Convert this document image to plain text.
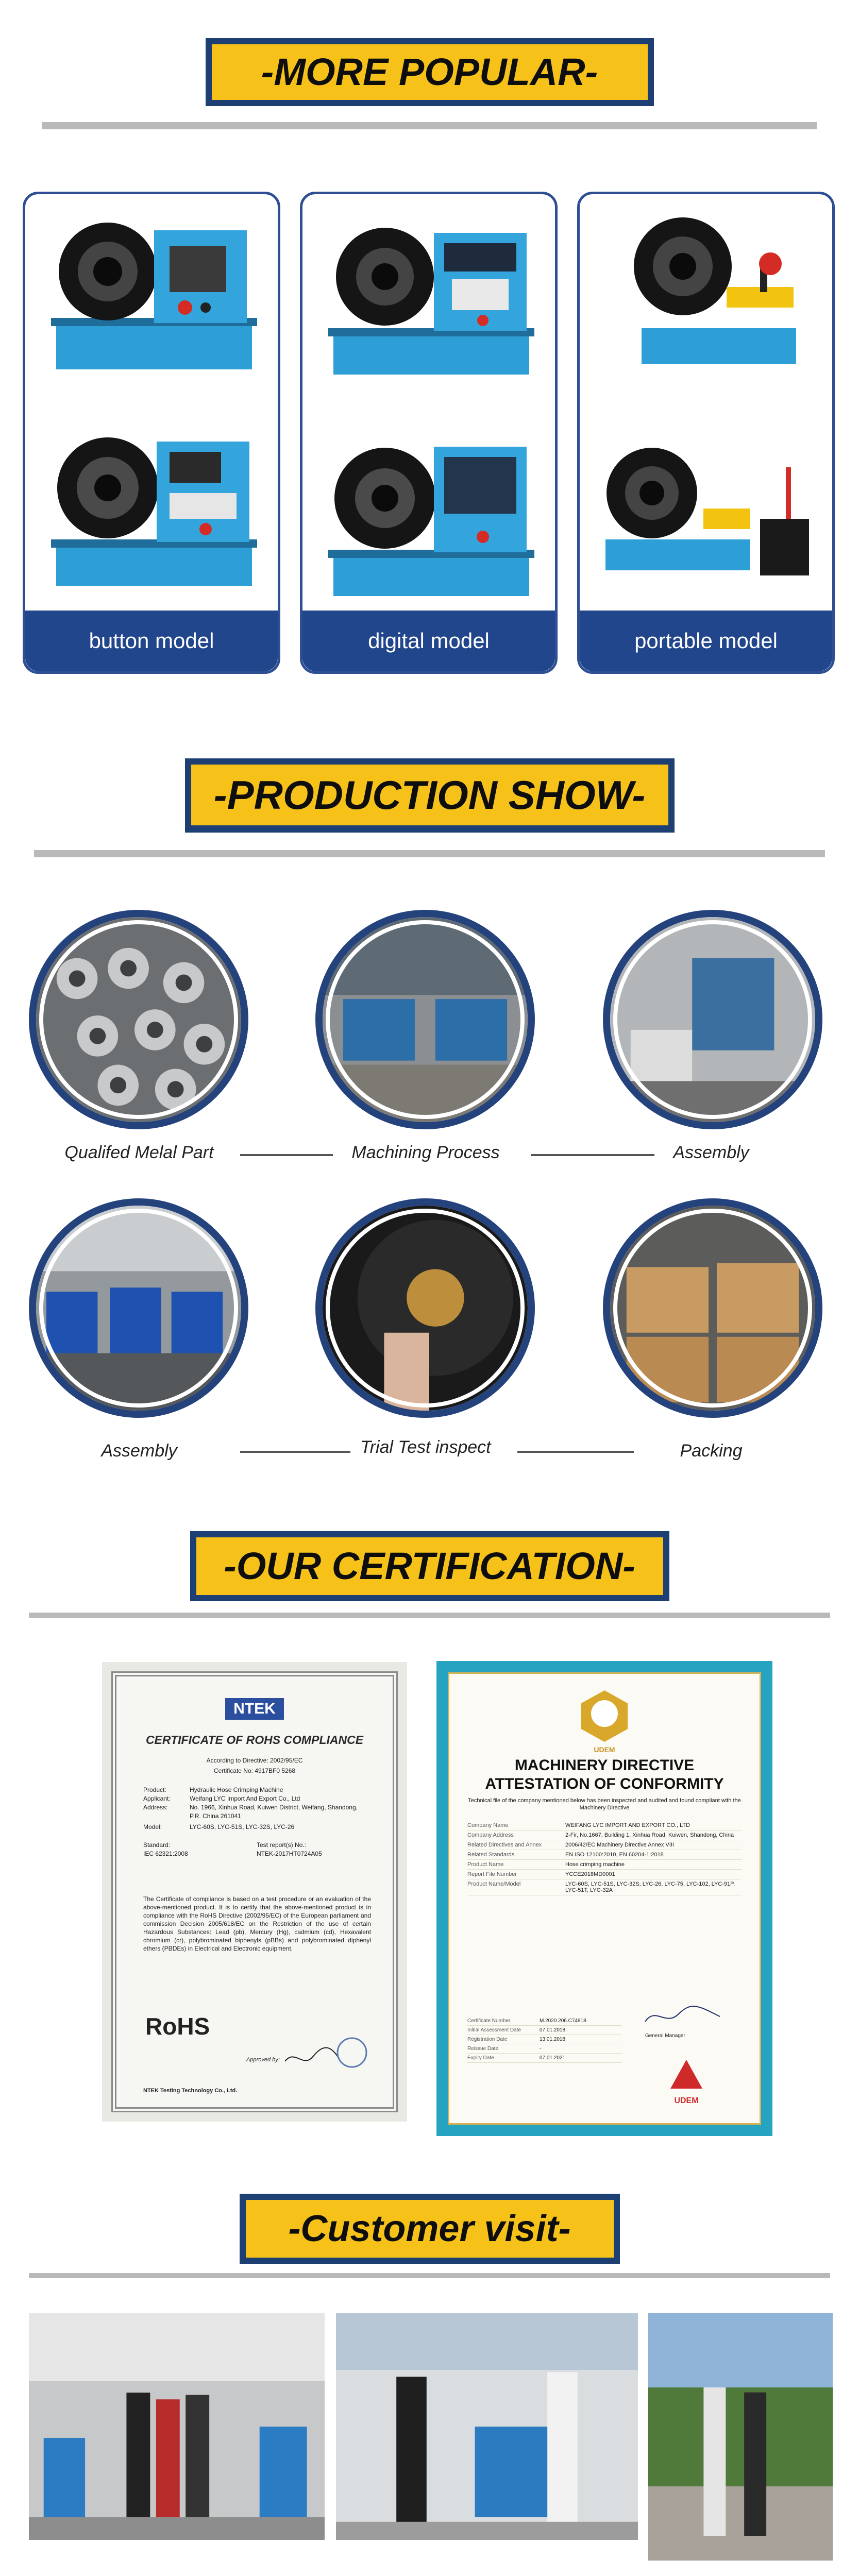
-MORE POPULAR-
button model	digital model	portable model
-PRODUCTION SHOW-
Qualifed Melal Part	Machining Process	Assembly
Assembly	Trial Test inspect	Packing
-OUR CERTIFICATION-
NTEK
CERTIFICATE OF ROHS COMPLIANCE
According to Directive: 2002/95/EC
Certificate No: 4917BF0 5268
Product:	Hydraulic Hose Crimping Machine
Applicant:	Weifang LYC Import And Export Co., Ltd
Address:	No. 1966, Xinhua Road, Kuiwen District, Weifang, Shandong, P.R. China 261041
Model:	LYC-60S, LYC-51S, LYC-32S, LYC-26
Standard:
IEC 62321:2008
Test report(s) No.:
NTEK-2017HT0724A05
The Certificate of compliance is based on a test procedure or an evaluation of the above-mentioned product. It is to certify that the above-mentioned product is in compliance with the RoHS Directive (2002/95/EC) of the European parliament and commission Decision 2005/618/EC on the Restriction of the use of certain Hazardous Substances: Lead (pb), Mercury (Hg), cadmium (cd), Hexavalent chromium (cr), polybrominated biphenyls (pBBs) and polybrominated diphenyl ethers (PBDEs) in Electrical and Electronic equipment.
RoHS
Approved by:
NTEK Testing Technology Co., Ltd.
UDEM
MACHINERY DIRECTIVE
ATTESTATION OF CONFORMITY
Technical file of the company mentioned below has been inspected and audited and found compliant with the Machinery Directive
Company Name	WEIFANG LYC IMPORT AND EXPORT CO., LTD
Company Address	2-Fir, No.1667, Building 1, Xinhua Road, Kuiwen, Shandong, China
Related Directives and Annex	2006/42/EC Machinery Directive Annex VIII
Related Standards	EN ISO 12100:2010, EN 60204-1:2018
Product Name	Hose crimping machine
Report File Number	YCCE2018MD0001
Product Name/Model	LYC-60S, LYC-51S, LYC-32S, LYC-26, LYC-75, LYC-102, LYC-91P, LYC-51T, LYC-32A
Certificate Number	M.2020.206.C74818
Initial Assessment Date	07.01.2018
Registration Date	13.01.2018
Reissue Date	-
Expiry Date	07.01.2021
General Manager
UDEM
-Customer visit-
